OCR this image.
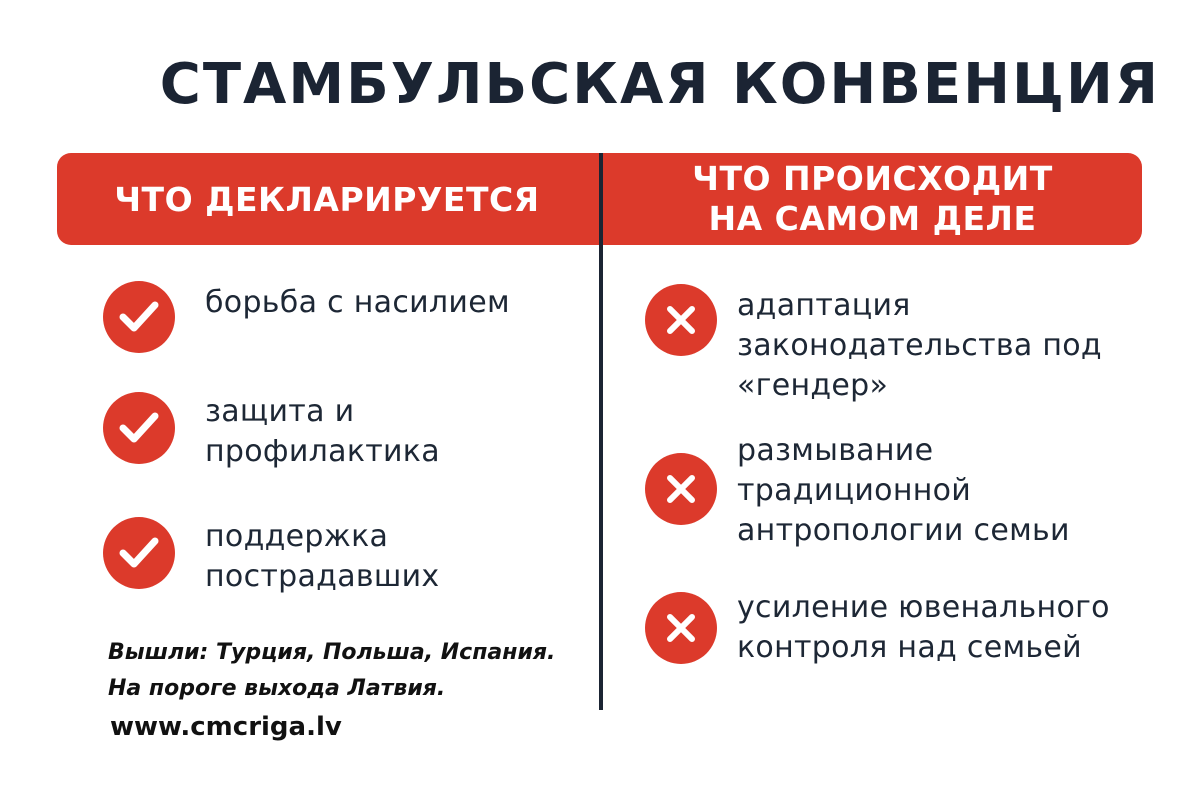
СТАМБУЛЬСКАЯ КОНВЕНЦИЯ
ЧТО ДЕКЛАРИРУЕТСЯ
ЧТО ПРОИСХОДИТ
НА САМОМ ДЕЛЕ
борьба с насилием
защита и
профилактика
поддержка
пострадавших
адаптация
законодательства под
«гендер»
размывание
традиционной
антропологии семьи
усиление ювенального
контроля над семьей
Вышли: Турция, Польша, Испания.
На пороге выхода Латвия.
www.cmcriga.lv
